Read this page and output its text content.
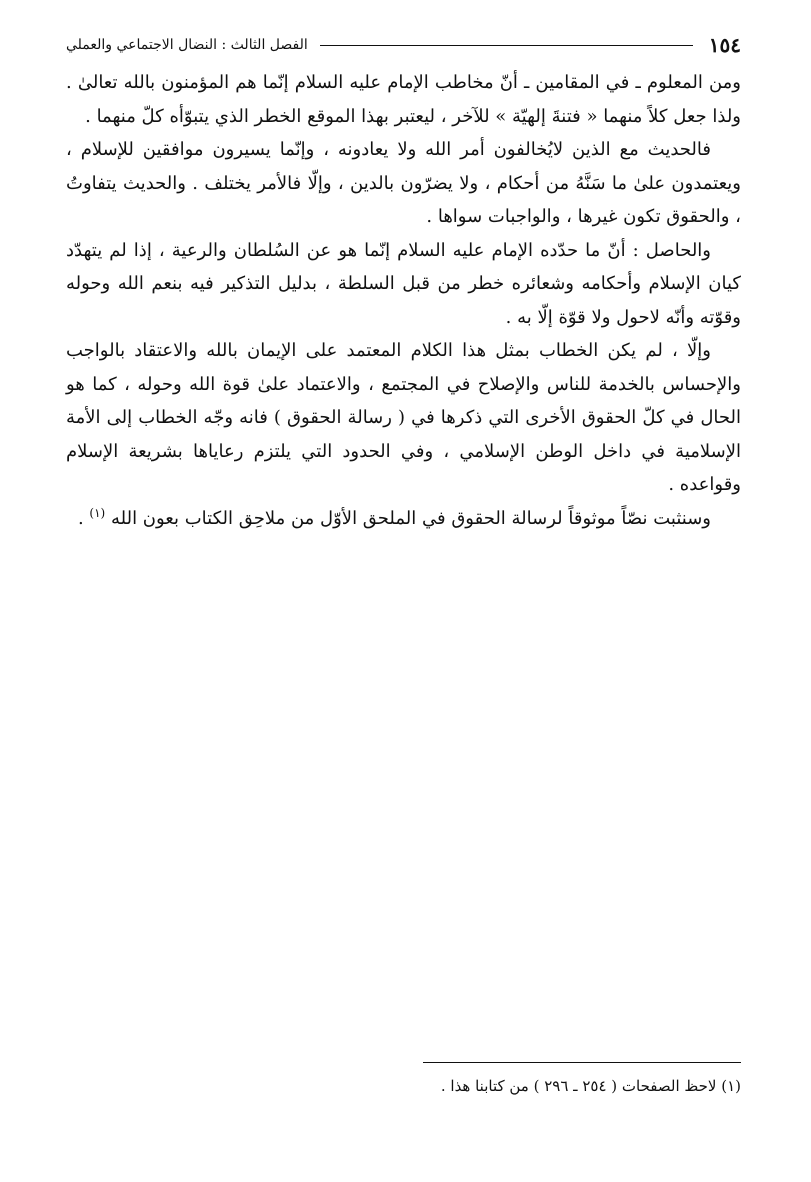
١٥٤
الفصل الثالث : النضال الاجتماعي والعملي

ومن المعلوم ـ في المقامين ـ أنّ مخاطب الإمام عليه السلام إنّما هم المؤمنون بالله تعالىٰ . ولذا جعل كلاً منهما « فتنةَ إلهيّة » للآخر ، ليعتبر بهذا الموقع الخطر الذي يتبوّأه كلّ منهما .

فالحديث مع الذين لايُخالفون أمر الله ولا يعادونه ، وإنّما يسيرون موافقين للإسلام ، ويعتمدون علىٰ ما سَنَّهُ من أحكام ، ولا يضرّون بالدين ، وإلّا فالأمر يختلف . والحديث يتفاوتُ ، والحقوق تكون غيرها ، والواجبات سواها .

والحاصل : أنّ ما حدّده الإمام عليه السلام إنّما هو عن السُلطان والرعية ، إذا لم يتهدّد كيان الإسلام وأحكامه وشعائره خطر من قبل السلطة ، بدليل التذكير فيه بنعم الله وحوله وقوّته وأنّه لاحول ولا قوّة إلّا به .

وإلّا ، لم يكن الخطاب بمثل هذا الكلام المعتمد على الإيمان بالله والاعتقاد بالواجب والإحساس بالخدمة للناس والإصلاح في المجتمع ، والاعتماد علىٰ قوة الله وحوله ، كما هو الحال في كلّ الحقوق الأخرى التي ذكرها في ( رسالة الحقوق ) فانه وجّه الخطاب إلى الأمة الإسلامية في داخل الوطن الإسلامي ، وفي الحدود التي يلتزم رعاياها بشريعة الإسلام وقواعده .

وسنثبت نصّاً موثوقاً لرسالة الحقوق في الملحق الأوّل من ملاحِق الكتاب بعون الله $^{(١)}$ .

(١) لاحظ الصفحات ( ٢٥٤ ـ ٢٩٦ ) من كتابنا هذا .
